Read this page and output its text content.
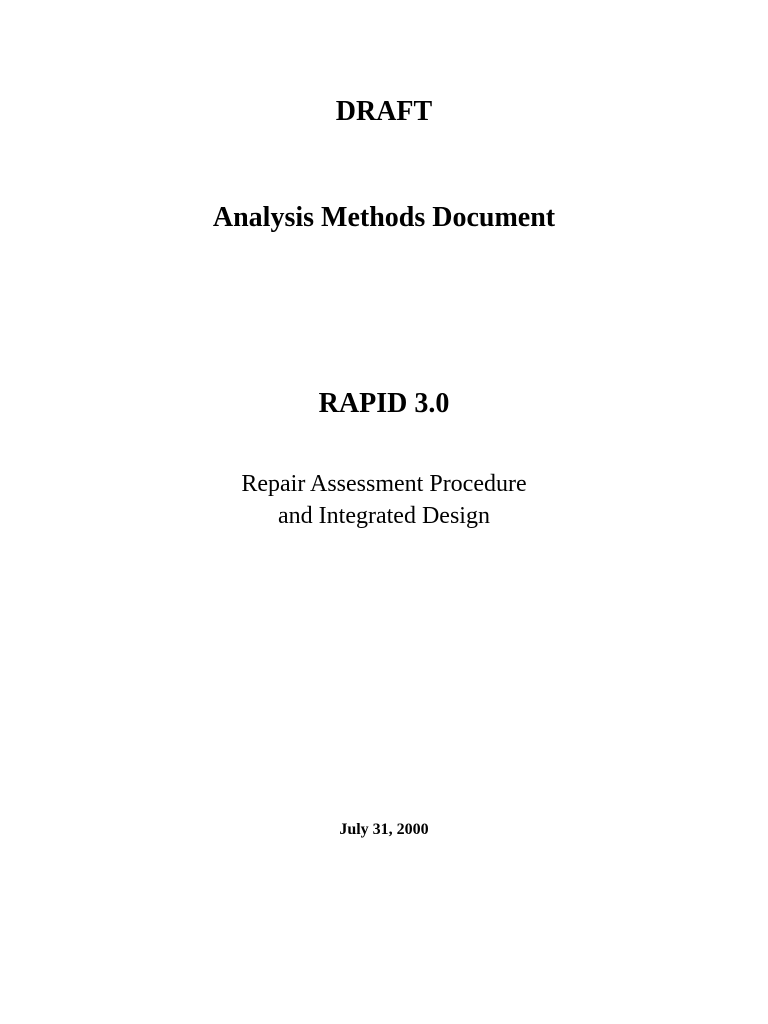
DRAFT
Analysis Methods Document
RAPID 3.0
Repair Assessment Procedure
and Integrated Design
July 31, 2000
